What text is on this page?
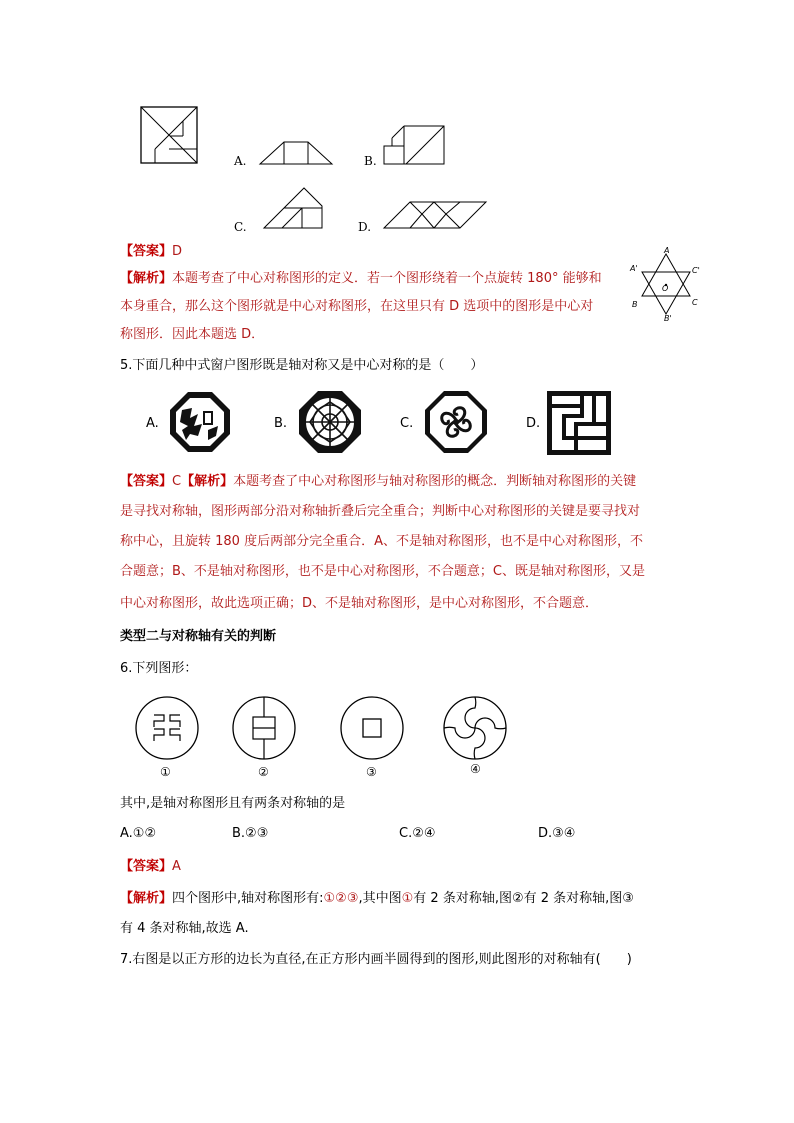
A.	B.
C.	D.
【答案】D
【解析】本题考查了中心对称图形的定义．若一个图形绕着一个点旋转 180° 能够和
本身重合，那么这个图形就是中心对称图形，在这里只有 D 选项中的图形是中心对
称图形．因此本题选 D．
A
A'	C'
O
B	C
B'
5.下面几种中式窗户图形既是轴对称又是中心对称的是（　　）
A.	B.	C.	D.
【答案】C【解析】本题考查了中心对称图形与轴对称图形的概念．判断轴对称图形的关键
是寻找对称轴，图形两部分沿对称轴折叠后完全重合；判断中心对称图形的关键是要寻找对
称中心，且旋转 180 度后两部分完全重合．A、不是轴对称图形，也不是中心对称图形，不
合题意；B、不是轴对称图形，也不是中心对称图形，不合题意；C、既是轴对称图形，又是
中心对称图形，故此选项正确；D、不是轴对称图形，是中心对称图形，不合题意．
类型二与对称轴有关的判断
6.下列图形：
①	②	③	④
其中,是轴对称图形且有两条对称轴的是
A.①②	B.②③	C.②④	D.③④
【答案】A
【解析】四个图形中,轴对称图形有:①②③,其中图①有 2 条对称轴,图②有 2 条对称轴,图③
有 4 条对称轴,故选 A.
7.右图是以正方形的边长为直径,在正方形内画半圆得到的图形,则此图形的对称轴有(　　)
